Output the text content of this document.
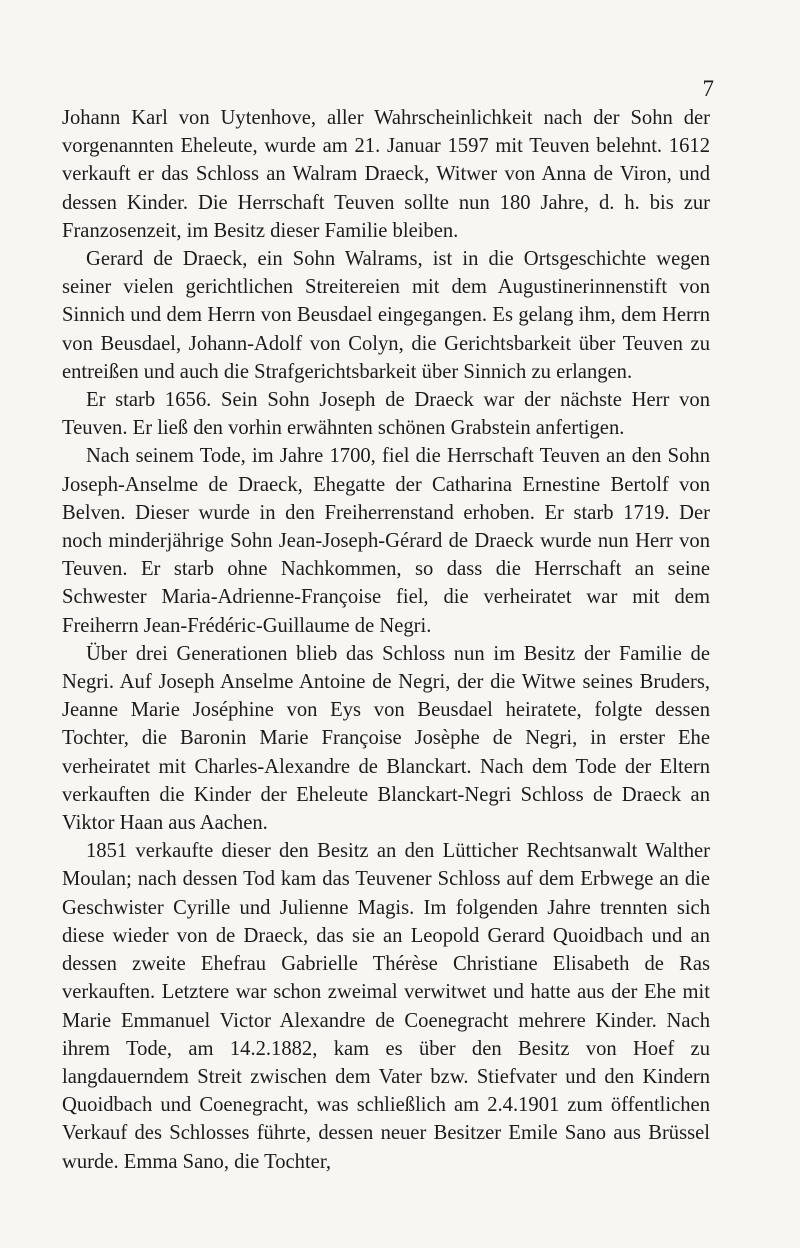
7

Johann Karl von Uytenhove, aller Wahrscheinlichkeit nach der Sohn der vorgenannten Eheleute, wurde am 21. Januar 1597 mit Teuven belehnt. 1612 verkauft er das Schloss an Walram Draeck, Witwer von Anna de Viron, und dessen Kinder. Die Herrschaft Teuven sollte nun 180 Jahre, d. h. bis zur Franzosenzeit, im Besitz dieser Familie bleiben.

Gerard de Draeck, ein Sohn Walrams, ist in die Ortsgeschichte wegen seiner vielen gerichtlichen Streitereien mit dem Augustinerinnenstift von Sinnich und dem Herrn von Beusdael eingegangen. Es gelang ihm, dem Herrn von Beusdael, Johann-Adolf von Colyn, die Gerichtsbarkeit über Teuven zu entreißen und auch die Strafgerichtsbarkeit über Sinnich zu erlangen.

Er starb 1656. Sein Sohn Joseph de Draeck war der nächste Herr von Teuven. Er ließ den vorhin erwähnten schönen Grabstein anfertigen.

Nach seinem Tode, im Jahre 1700, fiel die Herrschaft Teuven an den Sohn Joseph-Anselme de Draeck, Ehegatte der Catharina Ernestine Bertolf von Belven. Dieser wurde in den Freiherrenstand erhoben. Er starb 1719. Der noch minderjährige Sohn Jean-Joseph-Gérard de Draeck wurde nun Herr von Teuven. Er starb ohne Nachkommen, so dass die Herrschaft an seine Schwester Maria-Adrienne-Françoise fiel, die verheiratet war mit dem Freiherrn Jean-Frédéric-Guillaume de Negri.

Über drei Generationen blieb das Schloss nun im Besitz der Familie de Negri. Auf Joseph Anselme Antoine de Negri, der die Witwe seines Bruders, Jeanne Marie Joséphine von Eys von Beusdael heiratete, folgte dessen Tochter, die Baronin Marie Françoise Josèphe de Negri, in erster Ehe verheiratet mit Charles-Alexandre de Blanckart. Nach dem Tode der Eltern verkauften die Kinder der Eheleute Blanckart-Negri Schloss de Draeck an Viktor Haan aus Aachen.

1851 verkaufte dieser den Besitz an den Lütticher Rechtsanwalt Walther Moulan; nach dessen Tod kam das Teuvener Schloss auf dem Erbwege an die Geschwister Cyrille und Julienne Magis. Im folgenden Jahre trennten sich diese wieder von de Draeck, das sie an Leopold Gerard Quoidbach und an dessen zweite Ehefrau Gabrielle Thérèse Christiane Elisabeth de Ras verkauften. Letztere war schon zweimal verwitwet und hatte aus der Ehe mit Marie Emmanuel Victor Alexandre de Coenegracht mehrere Kinder. Nach ihrem Tode, am 14.2.1882, kam es über den Besitz von Hoef zu langdauerndem Streit zwischen dem Vater bzw. Stiefvater und den Kindern Quoidbach und Coenegracht, was schließlich am 2.4.1901 zum öffentlichen Verkauf des Schlosses führte, dessen neuer Besitzer Emile Sano aus Brüssel wurde. Emma Sano, die Tochter,
